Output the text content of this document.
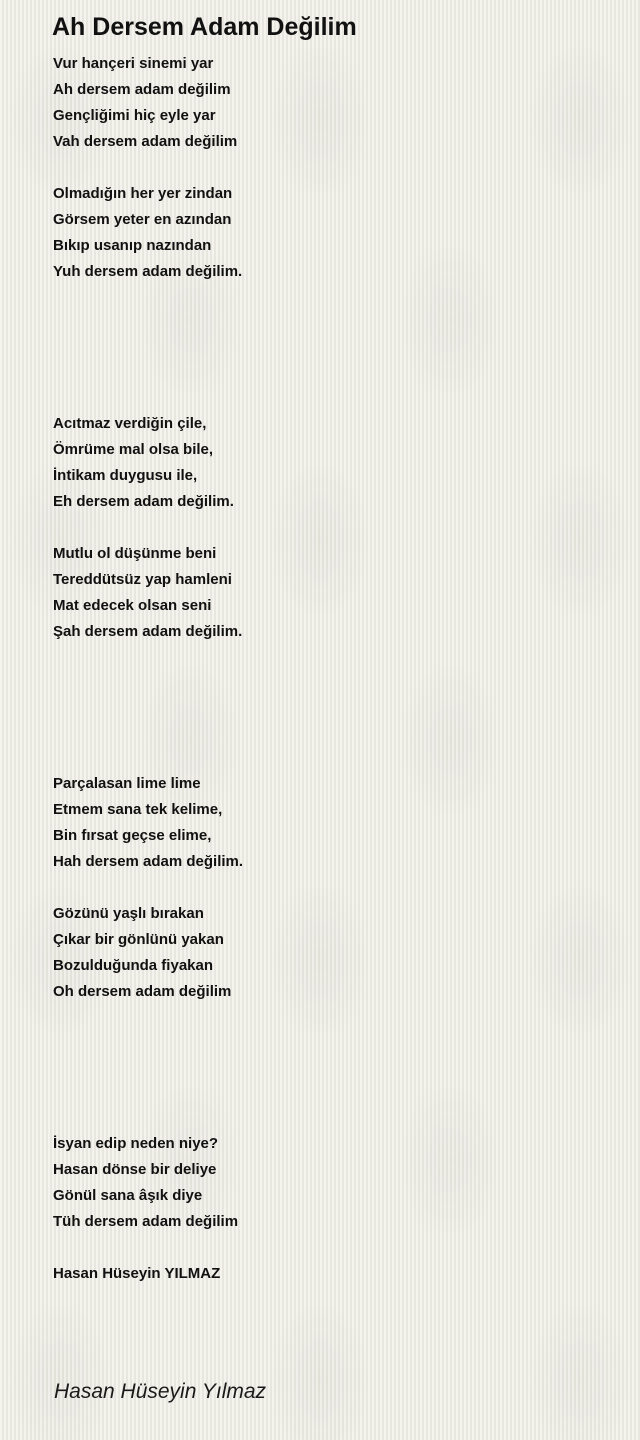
Ah Dersem Adam Değilim
Vur hançeri sinemi yar
Ah dersem adam değilim
Gençliğimi hiç eyle yar
Vah dersem adam değilim
Olmadığın her yer zindan
Görsem yeter en azından
Bıkıp usanıp nazından
Yuh dersem adam değilim.
Acıtmaz verdiğin çile,
Ömrüme mal olsa bile,
İntikam duygusu ile,
Eh dersem adam değilim.
Mutlu ol düşünme beni
Tereddütsüz yap hamleni
Mat edecek olsan seni
Şah dersem adam değilim.
Parçalasan lime lime
Etmem sana tek kelime,
Bin fırsat geçse elime,
Hah dersem adam değilim.
Gözünü yaşlı bırakan
Çıkar bir gönlünü yakan
Bozulduğunda fiyakan
Oh dersem adam değilim
İsyan edip neden niye?
Hasan dönse bir deliye
Gönül sana âşık diye
Tüh dersem adam değilim
Hasan Hüseyin YILMAZ
Hasan Hüseyin Yılmaz
